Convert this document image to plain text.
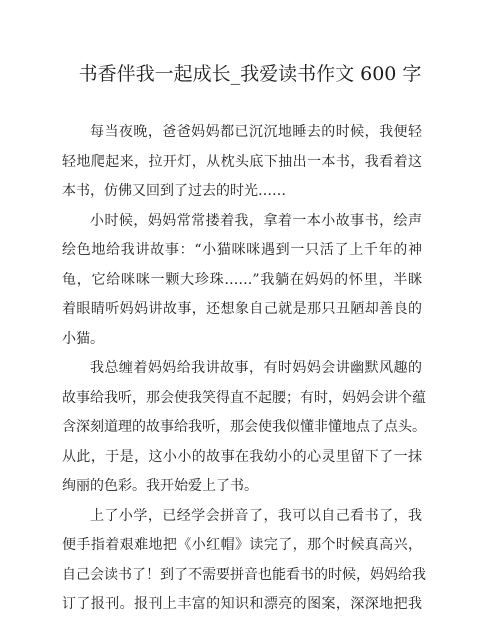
书香伴我一起成长_我爱读书作文 600 字
每当夜晚，爸爸妈妈都已沉沉地睡去的时候，我便轻
轻地爬起来，拉开灯，从枕头底下抽出一本书，我看着这
本书，仿佛又回到了过去的时光……
小时候，妈妈常常搂着我，拿着一本小故事书，绘声
绘色地给我讲故事：“小猫咪咪遇到一只活了上千年的神
龟，它给咪咪一颗大珍珠……”我躺在妈妈的怀里，半眯
着眼睛听妈妈讲故事，还想象自己就是那只丑陋却善良的
小猫。
我总缠着妈妈给我讲故事，有时妈妈会讲幽默风趣的
故事给我听，那会使我笑得直不起腰；有时，妈妈会讲个蕴
含深刻道理的故事给我听，那会使我似懂非懂地点了点头。
从此，于是，这小小的故事在我幼小的心灵里留下了一抹
绚丽的色彩。我开始爱上了书。
上了小学，已经学会拼音了，我可以自己看书了，我
便手指着艰难地把《小红帽》读完了，那个时候真高兴，
自己会读书了！到了不需要拼音也能看书的时候，妈妈给我
订了报刊。报刊上丰富的知识和漂亮的图案，深深地把我
